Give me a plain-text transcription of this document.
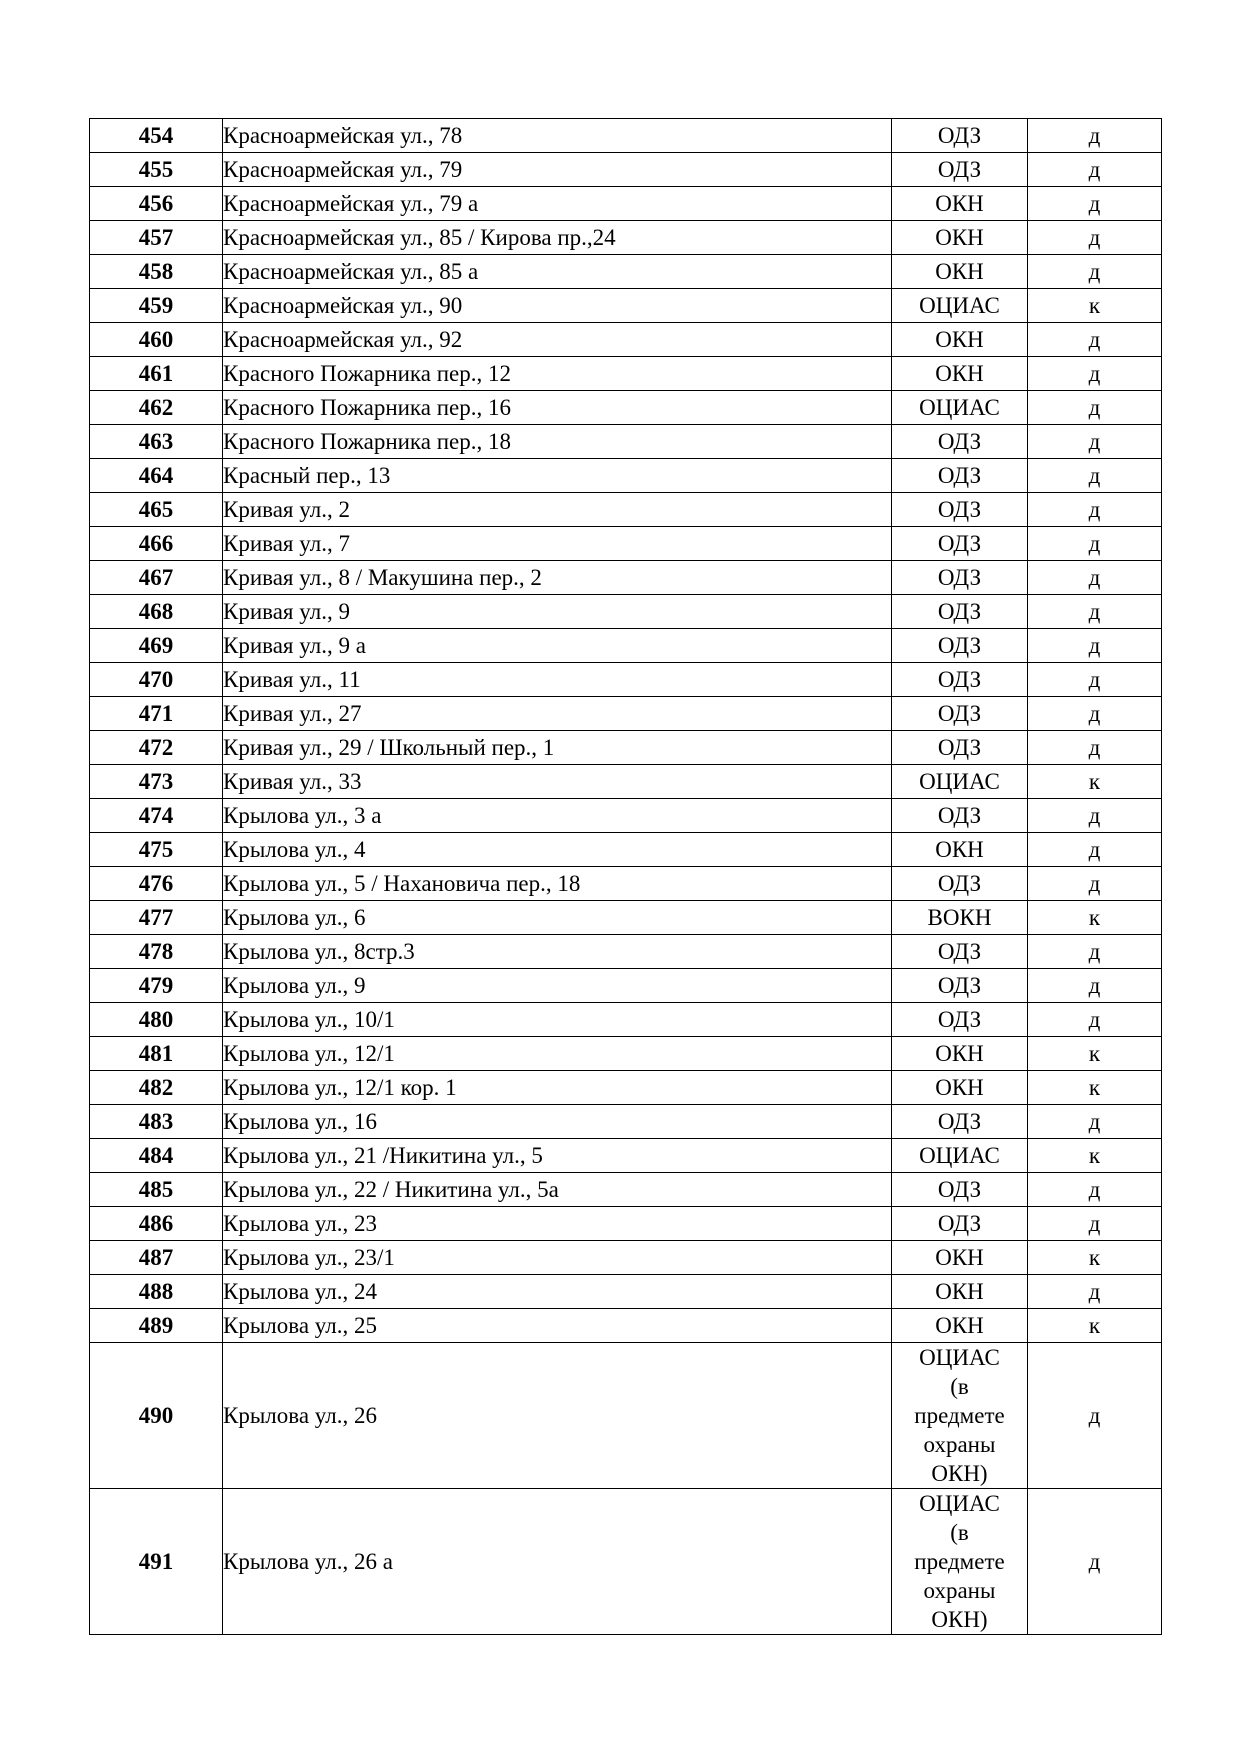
454	Красноармейская ул., 78	ОДЗ	д
455	Красноармейская ул., 79	ОДЗ	д
456	Красноармейская ул., 79 а	ОКН	д
457	Красноармейская ул., 85 / Кирова пр.,24	ОКН	д
458	Красноармейская ул., 85 а	ОКН	д
459	Красноармейская ул., 90	ОЦИАС	к
460	Красноармейская ул., 92	ОКН	д
461	Красного Пожарника пер., 12	ОКН	д
462	Красного Пожарника пер., 16	ОЦИАС	д
463	Красного Пожарника пер., 18	ОДЗ	д
464	Красный пер., 13	ОДЗ	д
465	Кривая ул., 2	ОДЗ	д
466	Кривая ул., 7	ОДЗ	д
467	Кривая ул., 8 / Макушина пер., 2	ОДЗ	д
468	Кривая ул., 9	ОДЗ	д
469	Кривая ул., 9 а	ОДЗ	д
470	Кривая ул., 11	ОДЗ	д
471	Кривая ул., 27	ОДЗ	д
472	Кривая ул., 29 / Школьный пер., 1	ОДЗ	д
473	Кривая ул., 33	ОЦИАС	к
474	Крылова ул., 3 а	ОДЗ	д
475	Крылова ул., 4	ОКН	д
476	Крылова ул., 5 / Нахановича пер., 18	ОДЗ	д
477	Крылова ул., 6	ВОКН	к
478	Крылова ул., 8стр.3	ОДЗ	д
479	Крылова ул., 9	ОДЗ	д
480	Крылова ул., 10/1	ОДЗ	д
481	Крылова ул., 12/1	ОКН	к
482	Крылова ул., 12/1 кор. 1	ОКН	к
483	Крылова ул., 16	ОДЗ	д
484	Крылова ул., 21 /Никитина ул., 5	ОЦИАС	к
485	Крылова ул., 22 / Никитина ул., 5а	ОДЗ	д
486	Крылова ул., 23	ОДЗ	д
487	Крылова ул., 23/1	ОКН	к
488	Крылова ул., 24	ОКН	д
489	Крылова ул., 25	ОКН	к
490	Крылова ул., 26	ОЦИАС
(в
предмете
охраны
ОКН)	д
491	Крылова ул., 26 а	ОЦИАС
(в
предмете
охраны
ОКН)	д
